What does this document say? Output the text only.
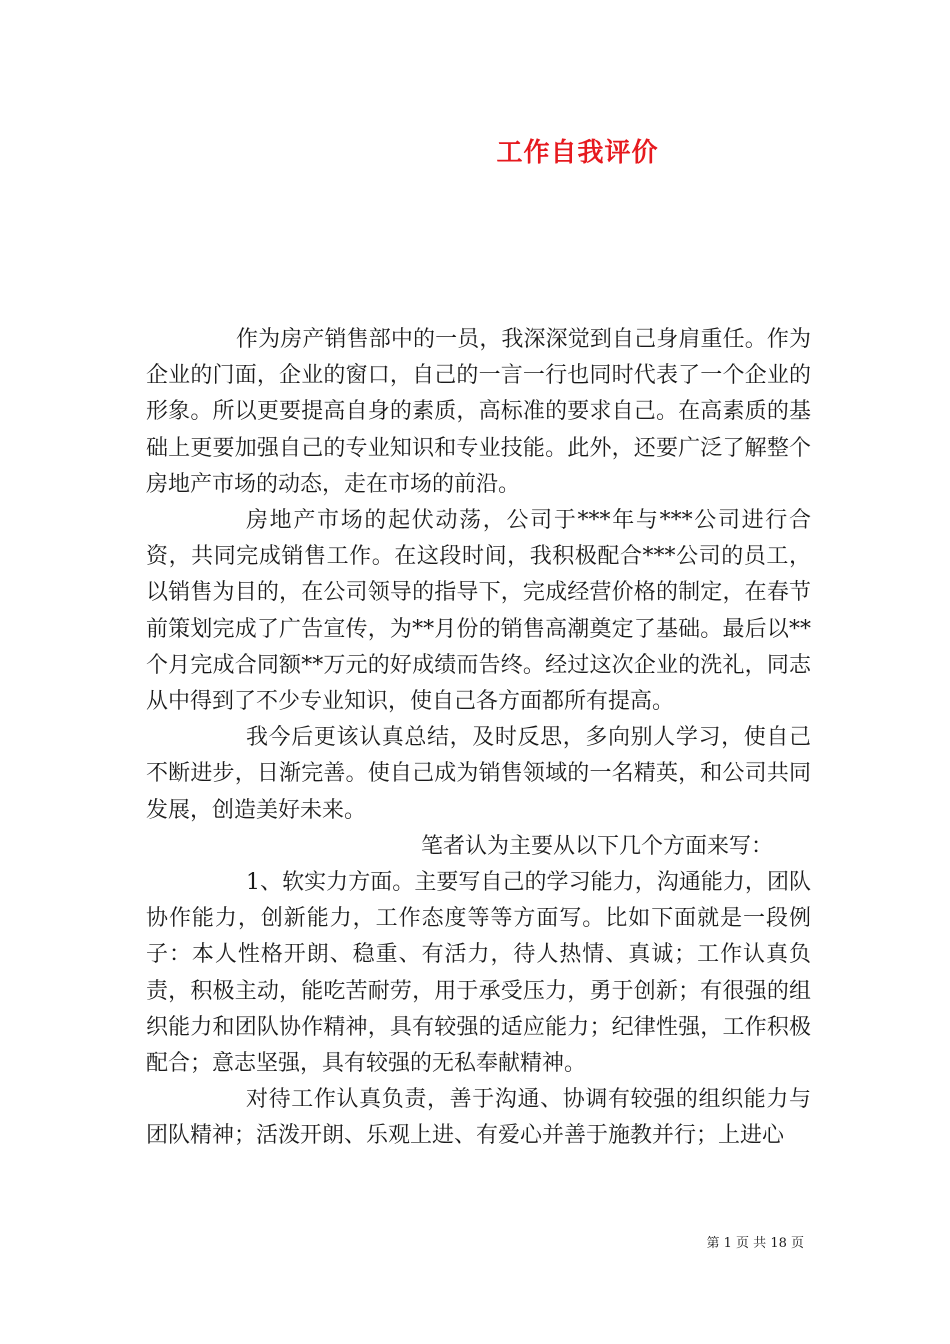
工作自我评价

作为房产销售部中的一员，我深深觉到自己身肩重任。作为企业的门面，企业的窗口，自己的一言一行也同时代表了一个企业的形象。所以更要提高自身的素质，高标准的要求自己。在高素质的基础上更要加强自己的专业知识和专业技能。此外，还要广泛了解整个房地产市场的动态，走在市场的前沿。

房地产市场的起伏动荡，公司于***年与***公司进行合资，共同完成销售工作。在这段时间，我积极配合***公司的员工，以销售为目的，在公司领导的指导下，完成经营价格的制定，在春节前策划完成了广告宣传，为**月份的销售高潮奠定了基础。最后以**个月完成合同额**万元的好成绩而告终。经过这次企业的洗礼，同志从中得到了不少专业知识，使自己各方面都所有提高。

我今后更该认真总结，及时反思，多向别人学习，使自己不断进步，日渐完善。使自己成为销售领域的一名精英，和公司共同发展，创造美好未来。

笔者认为主要从以下几个方面来写：

1、软实力方面。主要写自己的学习能力，沟通能力，团队协作能力，创新能力，工作态度等等方面写。比如下面就是一段例子：本人性格开朗、稳重、有活力，待人热情、真诚；工作认真负责，积极主动，能吃苦耐劳，用于承受压力，勇于创新；有很强的组织能力和团队协作精神，具有较强的适应能力；纪律性强，工作积极配合；意志坚强，具有较强的无私奉献精神。

对待工作认真负责，善于沟通、协调有较强的组织能力与团队精神；活泼开朗、乐观上进、有爱心并善于施教并行；上进心

第 1 页 共 18 页
